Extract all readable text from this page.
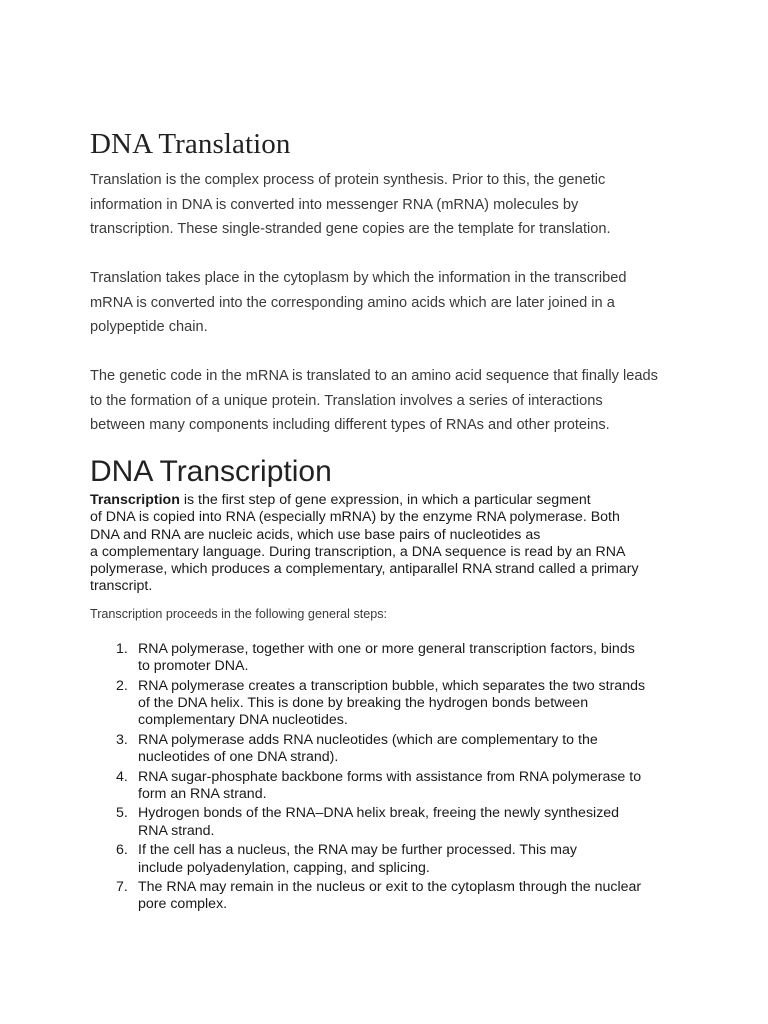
DNA Translation

Translation is the complex process of protein synthesis. Prior to this, the genetic
information in DNA is converted into messenger RNA (mRNA) molecules by
transcription. These single-stranded gene copies are the template for translation.

Translation takes place in the cytoplasm by which the information in the transcribed
mRNA is converted into the corresponding amino acids which are later joined in a
polypeptide chain.

The genetic code in the mRNA is translated to an amino acid sequence that finally leads
to the formation of a unique protein. Translation involves a series of interactions
between many components including different types of RNAs and other proteins.

DNA Transcription

Transcription is the first step of gene expression, in which a particular segment
of DNA is copied into RNA (especially mRNA) by the enzyme RNA polymerase. Both
DNA and RNA are nucleic acids, which use base pairs of nucleotides as
a complementary language. During transcription, a DNA sequence is read by an RNA
polymerase, which produces a complementary, antiparallel RNA strand called a primary
transcript.

Transcription proceeds in the following general steps:

1. RNA polymerase, together with one or more general transcription factors, binds
to promoter DNA.
2. RNA polymerase creates a transcription bubble, which separates the two strands
of the DNA helix. This is done by breaking the hydrogen bonds between
complementary DNA nucleotides.
3. RNA polymerase adds RNA nucleotides (which are complementary to the
nucleotides of one DNA strand).
4. RNA sugar-phosphate backbone forms with assistance from RNA polymerase to
form an RNA strand.
5. Hydrogen bonds of the RNA–DNA helix break, freeing the newly synthesized
RNA strand.
6. If the cell has a nucleus, the RNA may be further processed. This may
include polyadenylation, capping, and splicing.
7. The RNA may remain in the nucleus or exit to the cytoplasm through the nuclear
pore complex.
